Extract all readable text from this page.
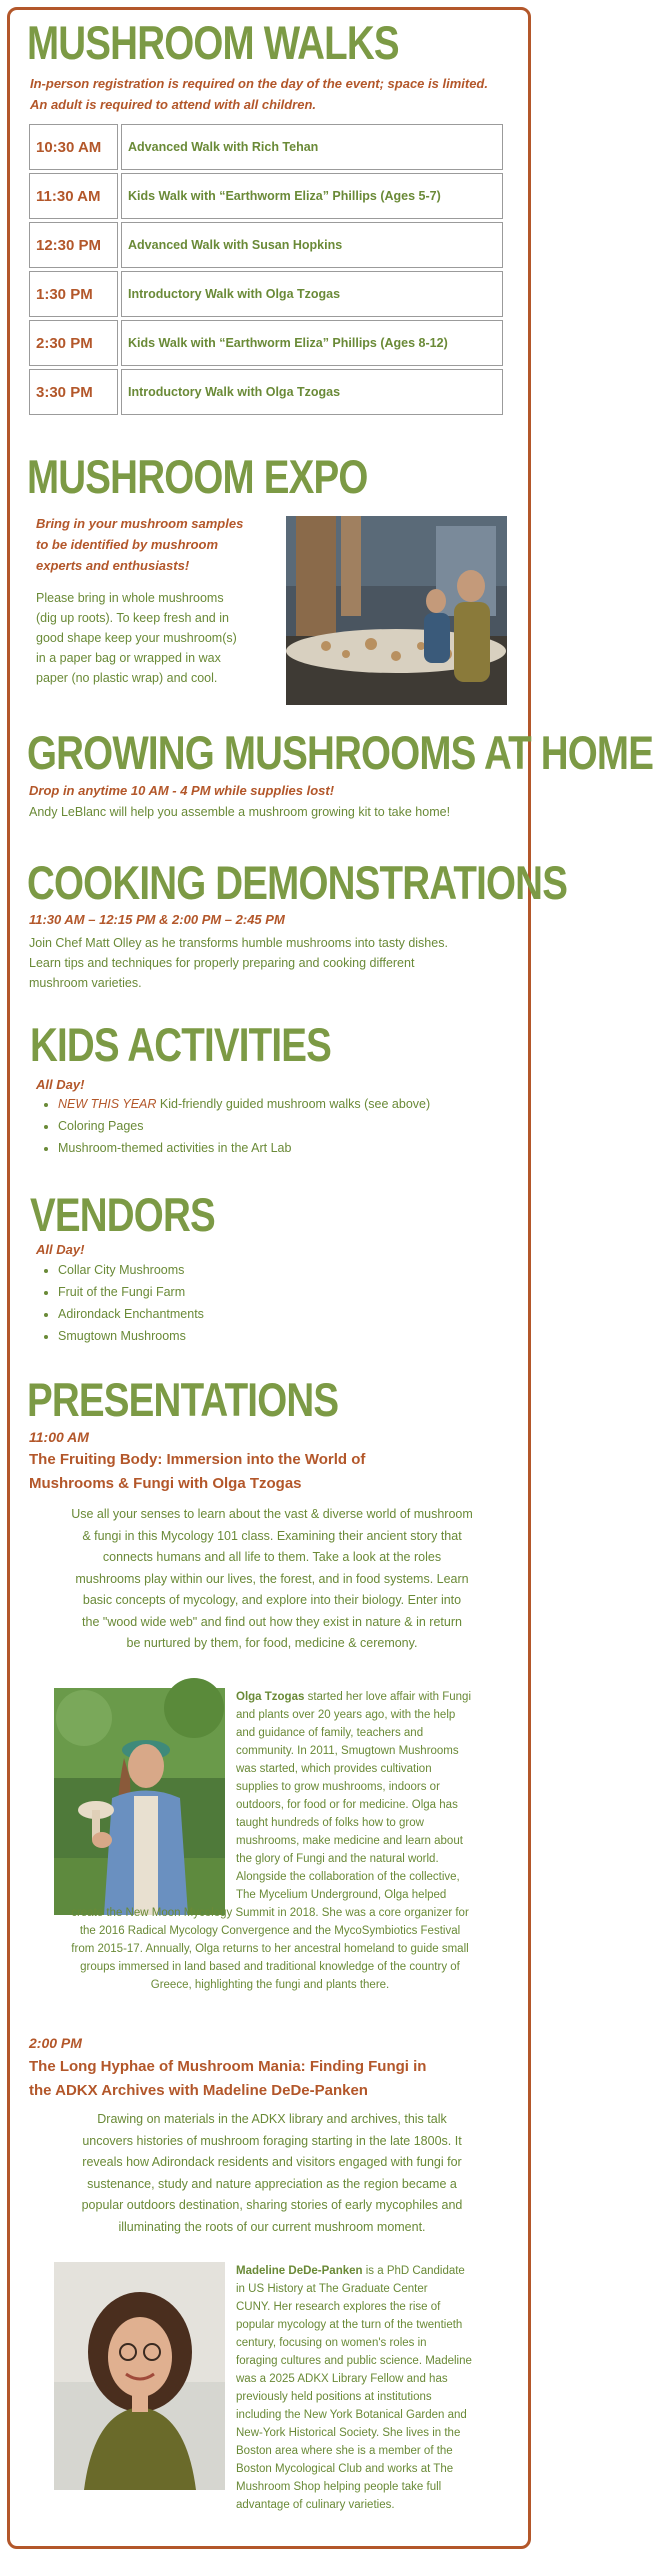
MUSHROOM WALKS
In-person registration is required on the day of the event; space is limited.
An adult is required to attend with all children.
10:30 AM	Advanced Walk with Rich Tehan
11:30 AM	Kids Walk with “Earthworm Eliza” Phillips (Ages 5-7)
12:30 PM	Advanced Walk with Susan Hopkins
1:30 PM	Introductory Walk with Olga Tzogas
2:30 PM	Kids Walk with “Earthworm Eliza” Phillips (Ages 8-12)
3:30 PM	Introductory Walk with Olga Tzogas
MUSHROOM EXPO
Bring in your mushroom samples
to be identified by mushroom
experts and enthusiasts!
Please bring in whole mushrooms
(dig up roots). To keep fresh and in
good shape keep your mushroom(s)
in a paper bag or wrapped in wax
paper (no plastic wrap) and cool.
GROWING MUSHROOMS AT HOME
Drop in anytime 10 AM - 4 PM while supplies lost!
Andy LeBlanc will help you assemble a mushroom growing kit to take home!
COOKING DEMONSTRATIONS
11:30 AM – 12:15 PM & 2:00 PM – 2:45 PM
Join Chef Matt Olley as he transforms humble mushrooms into tasty dishes.
Learn tips and techniques for properly preparing and cooking different
mushroom varieties.
KIDS ACTIVITIES
All Day!
• NEW THIS YEAR Kid-friendly guided mushroom walks (see above)
• Coloring Pages
• Mushroom-themed activities in the Art Lab
VENDORS
All Day!
• Collar City Mushrooms
• Fruit of the Fungi Farm
• Adirondack Enchantments
• Smugtown Mushrooms
PRESENTATIONS
11:00 AM
The Fruiting Body: Immersion into the World of
Mushrooms & Fungi with Olga Tzogas
Use all your senses to learn about the vast & diverse world of mushroom
& fungi in this Mycology 101 class. Examining their ancient story that
connects humans and all life to them. Take a look at the roles
mushrooms play within our lives, the forest, and in food systems. Learn
basic concepts of mycology, and explore into their biology. Enter into
the "wood wide web" and find out how they exist in nature & in return
be nurtured by them, for food, medicine & ceremony.
Olga Tzogas started her love affair with Fungi
and plants over 20 years ago, with the help
and guidance of family, teachers and
community. In 2011, Smugtown Mushrooms
was started, which provides cultivation
supplies to grow mushrooms, indoors or
outdoors, for food or for medicine. Olga has
taught hundreds of folks how to grow
mushrooms, make medicine and learn about
the glory of Fungi and the natural world.
Alongside the collaboration of the collective,
The Mycelium Underground, Olga helped
create the New Moon Mycology Summit in 2018. She was a core organizer for
the 2016 Radical Mycology Convergence and the MycoSymbiotics Festival
from 2015-17. Annually, Olga returns to her ancestral homeland to guide small
groups immersed in land based and traditional knowledge of the country of
Greece, highlighting the fungi and plants there.
2:00 PM
The Long Hyphae of Mushroom Mania: Finding Fungi in
the ADKX Archives with Madeline DeDe-Panken
Drawing on materials in the ADKX library and archives, this talk
uncovers histories of mushroom foraging starting in the late 1800s. It
reveals how Adirondack residents and visitors engaged with fungi for
sustenance, study and nature appreciation as the region became a
popular outdoors destination, sharing stories of early mycophiles and
illuminating the roots of our current mushroom moment.
Madeline DeDe-Panken is a PhD Candidate
in US History at The Graduate Center
CUNY. Her research explores the rise of
popular mycology at the turn of the twentieth
century, focusing on women's roles in
foraging cultures and public science. Madeline
was a 2025 ADKX Library Fellow and has
previously held positions at institutions
including the New York Botanical Garden and
New-York Historical Society. She lives in the
Boston area where she is a member of the
Boston Mycological Club and works at The
Mushroom Shop helping people take full
advantage of culinary varieties.
